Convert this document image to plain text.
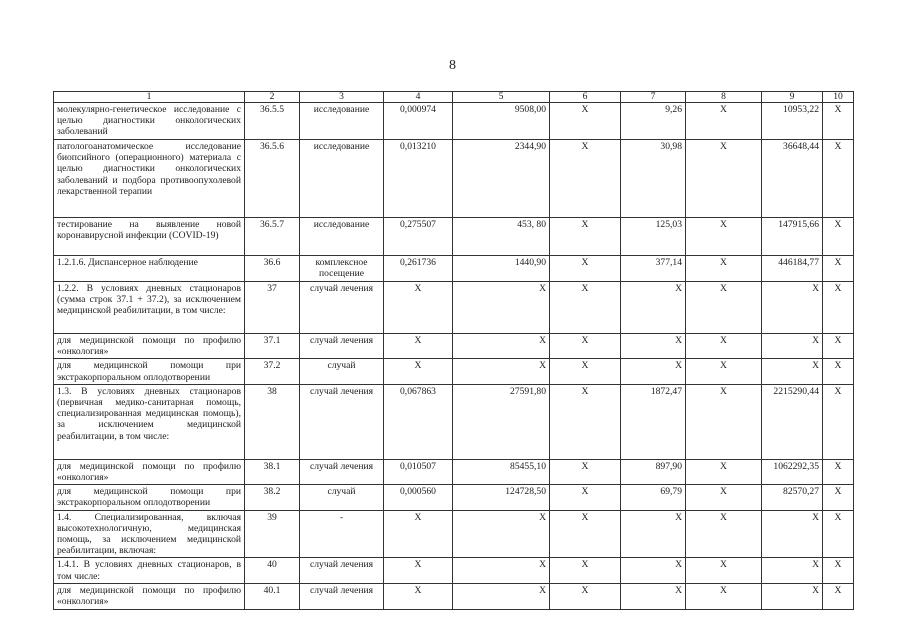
8
1	2	3	4	5	6	7	8	9	10
молекулярно-генетическое исследование с целью диагностики онкологических заболеваний	36.5.5	исследование	0,000974	9508,00	X	9,26	X	10953,22	X
патологоанатомическое исследование биопсийного (операционного) материала с целью диагностики онкологических заболеваний и подбора противоопухолевой лекарственной терапии	36.5.6	исследование	0,013210	2344,90	X	30,98	X	36648,44	X
тестирование на выявление новой коронавирусной инфекции (COVID-19)	36.5.7	исследование	0,275507	453, 80	X	125,03	X	147915,66	X
1.2.1.6. Диспансерное наблюдение	36.6	комплексное посещение	0,261736	1440,90	X	377,14	X	446184,77	X
1.2.2. В условиях дневных стационаров (сумма строк 37.1 + 37.2), за исключением медицинской реабилитации, в том числе:	37	случай лечения	X	X	X	X	X	X	X
для медицинской помощи по профилю «онкология»	37.1	случай лечения	X	X	X	X	X	X	X
для медицинской помощи при экстракорпоральном оплодотворении	37.2	случай	X	X	X	X	X	X	X
1.3. В условиях дневных стационаров (первичная медико-санитарная помощь, специализированная медицинская помощь), за исключением медицинской реабилитации, в том числе:	38	случай лечения	0,067863	27591,80	X	1872,47	X	2215290,44	X
для медицинской помощи по профилю «онкология»	38.1	случай лечения	0,010507	85455,10	X	897,90	X	1062292,35	X
для медицинской помощи при экстракорпоральном оплодотворении	38.2	случай	0,000560	124728,50	X	69,79	X	82570,27	X
1.4. Специализированная, включая высокотехнологичную, медицинская помощь, за исключением медицинской реабилитации, включая:	39	-	X	X	X	X	X	X	X
1.4.1. В условиях дневных стационаров, в том числе:	40	случай лечения	X	X	X	X	X	X	X
для медицинской помощи по профилю «онкология»	40.1	случай лечения	X	X	X	X	X	X	X
